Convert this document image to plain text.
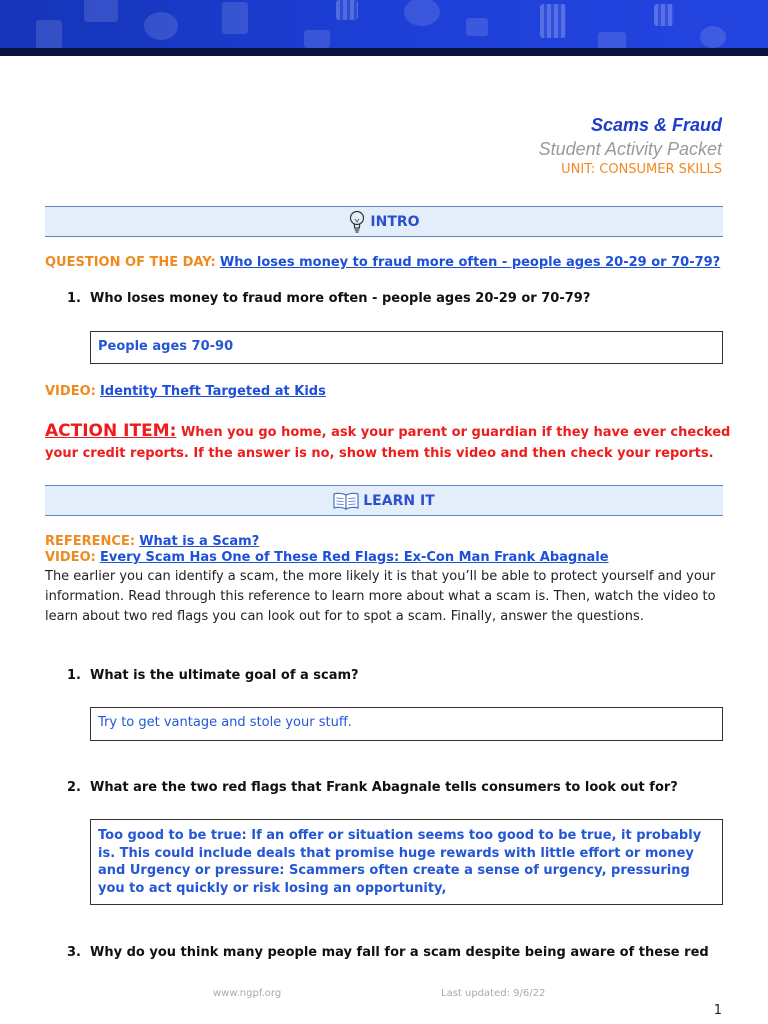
Scams & Fraud
Student Activity Packet
UNIT: CONSUMER SKILLS
INTRO
QUESTION OF THE DAY: Who loses money to fraud more often - people ages 20-29 or 70-79?
1. Who loses money to fraud more often - people ages 20-29 or 70-79?
People ages 70-90
VIDEO: Identity Theft Targeted at Kids
ACTION ITEM: When you go home, ask your parent or guardian if they have ever checked your credit reports. If the answer is no, show them this video and then check your reports.
LEARN IT
REFERENCE: What is a Scam?
VIDEO: Every Scam Has One of These Red Flags: Ex-Con Man Frank Abagnale
The earlier you can identify a scam, the more likely it is that you’ll be able to protect yourself and your information. Read through this reference to learn more about what a scam is. Then, watch the video to learn about two red flags you can look out for to spot a scam. Finally, answer the questions.
1. What is the ultimate goal of a scam?
Try to get vantage and stole your stuff.
2. What are the two red flags that Frank Abagnale tells consumers to look out for?
Too good to be true: If an offer or situation seems too good to be true, it probably is. This could include deals that promise huge rewards with little effort or money and Urgency or pressure: Scammers often create a sense of urgency, pressuring you to act quickly or risk losing an opportunity,
3. Why do you think many people may fall for a scam despite being aware of these red
www.ngpf.org	Last updated: 9/6/22
1
